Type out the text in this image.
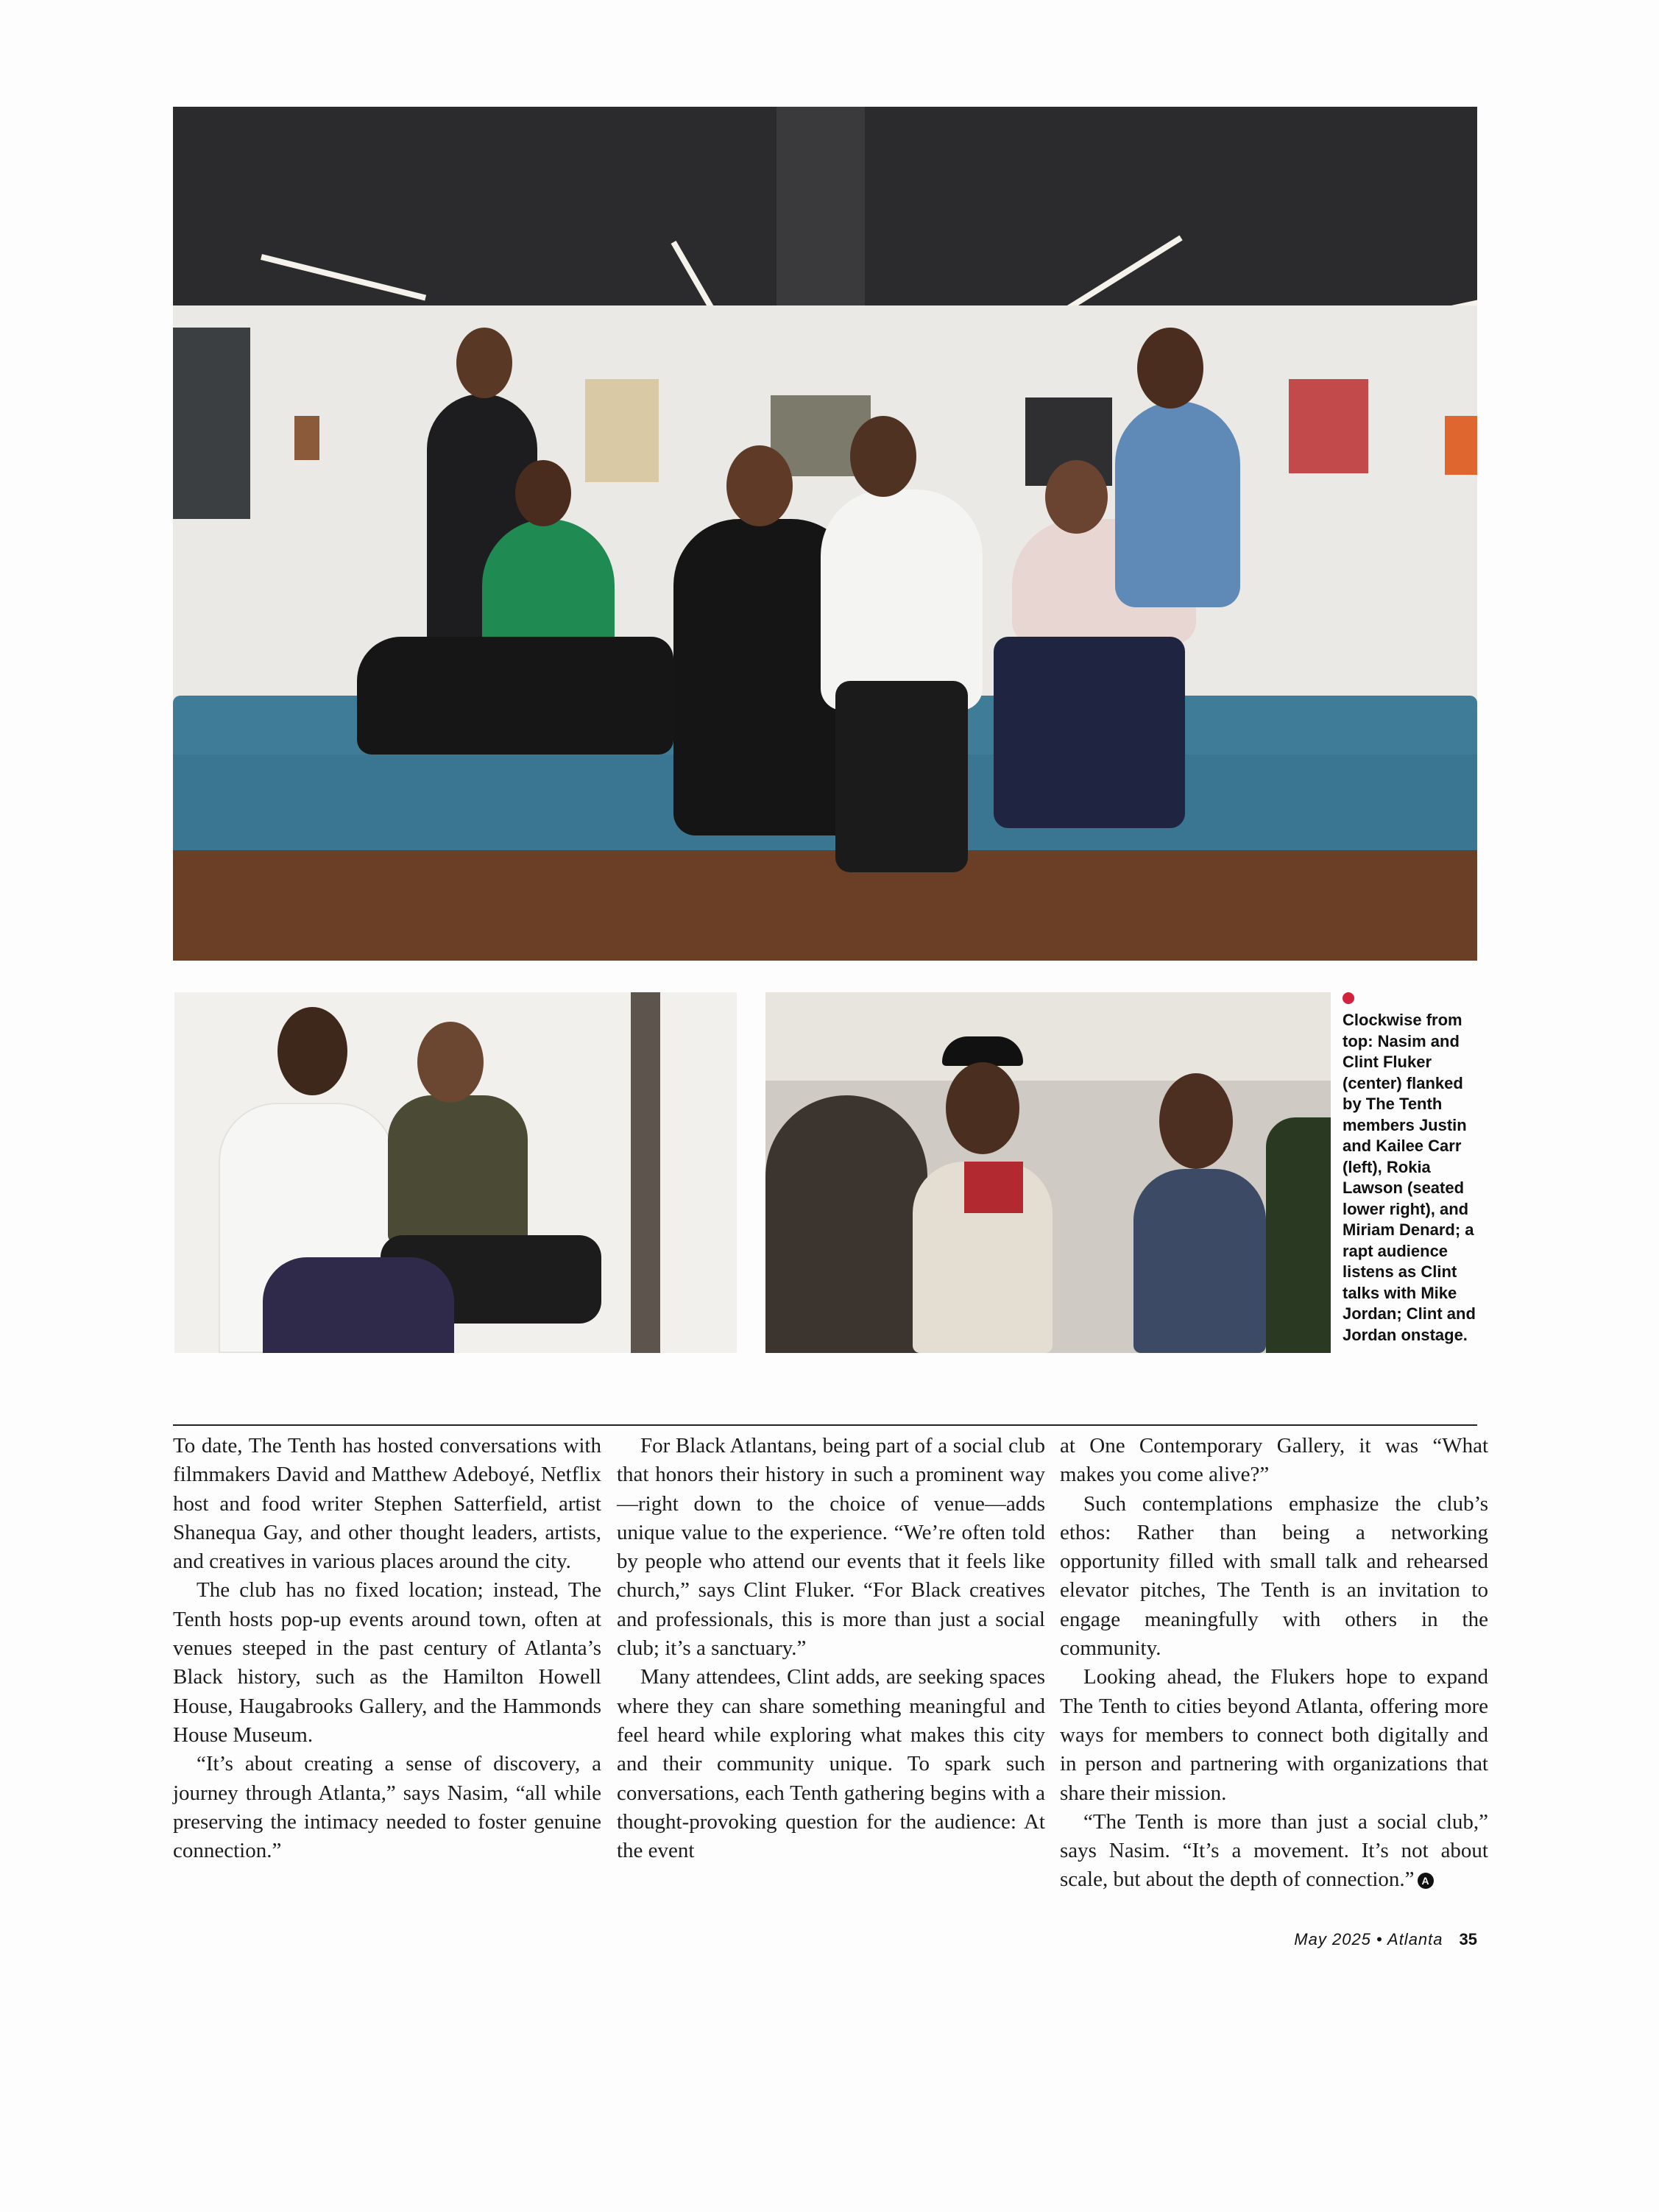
Clockwise from top: Nasim and Clint Fluker (center) flanked by The Tenth members Justin and Kailee Carr (left), Rokia Lawson (seated lower right), and Miriam Denard; a rapt audience listens as Clint talks with Mike Jordan; Clint and Jordan onstage.

To date, The Tenth has hosted conversations with filmmakers David and Matthew Adeboyé, Netflix host and food writer Stephen Satterfield, artist Shanequa Gay, and other thought leaders, artists, and creatives in various places around the city.

The club has no fixed location; instead, The Tenth hosts pop-up events around town, often at venues steeped in the past century of Atlanta’s Black history, such as the Hamilton Howell House, Haugabrooks Gallery, and the Hammonds House Museum.

“It’s about creating a sense of discovery, a journey through Atlanta,” says Nasim, “all while preserving the intimacy needed to foster genuine connection.”

For Black Atlantans, being part of a social club that honors their history in such a prominent way—right down to the choice of venue—adds unique value to the experience. “We’re often told by people who attend our events that it feels like church,” says Clint Fluker. “For Black creatives and professionals, this is more than just a social club; it’s a sanctuary.”

Many attendees, Clint adds, are seeking spaces where they can share something meaningful and feel heard while exploring what makes this city and their community unique. To spark such conversations, each Tenth gathering begins with a thought-provoking question for the audience: At the event

at One Contemporary Gallery, it was “What makes you come alive?”

Such contemplations emphasize the club’s ethos: Rather than being a networking opportunity filled with small talk and rehearsed elevator pitches, The Tenth is an invitation to engage meaningfully with others in the community.

Looking ahead, the Flukers hope to expand The Tenth to cities beyond Atlanta, offering more ways for members to connect both digitally and in person and partnering with organizations that share their mission.

“The Tenth is more than just a social club,” says Nasim. “It’s a movement. It’s not about scale, but about the depth of connection.” A

May 2025 • Atlanta 35
